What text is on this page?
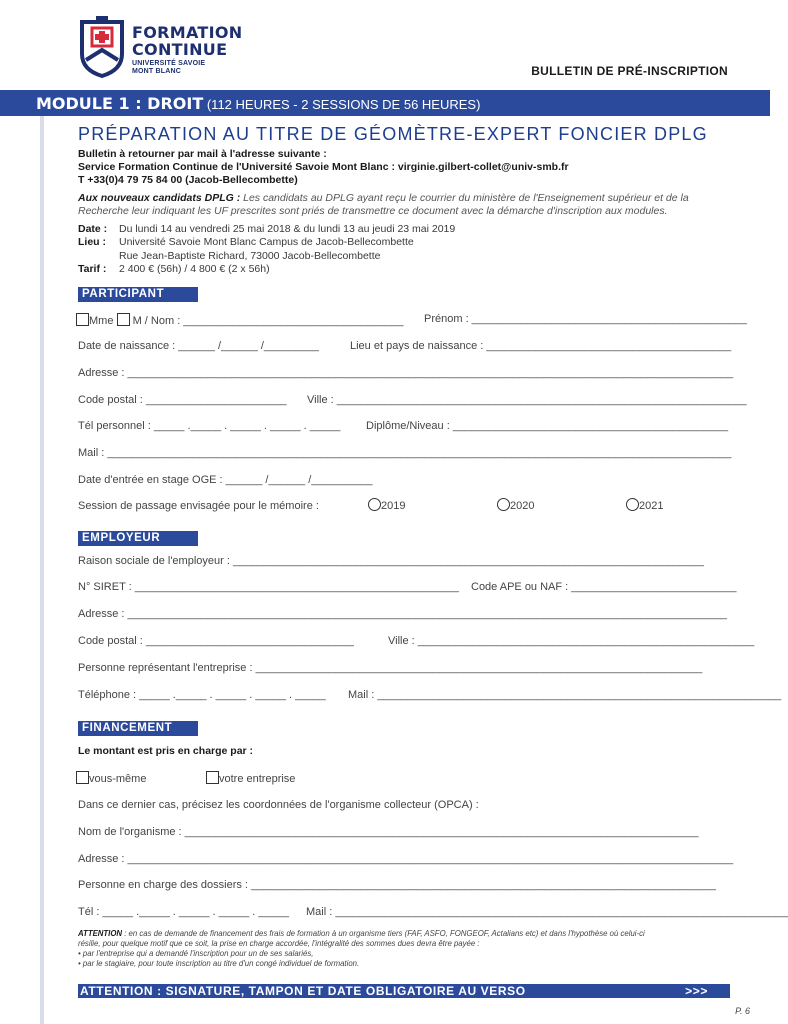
FORMATION
CONTINUE
UNIVERSITÉ SAVOIE
MONT BLANC	BULLETIN DE PRÉ-INSCRIPTION
MODULE 1 : DROIT (112 HEURES - 2 SESSIONS DE 56 HEURES)
PRÉPARATION AU TITRE DE GÉOMÈTRE-EXPERT FONCIER DPLG
Bulletin à retourner par mail à l'adresse suivante :
Service Formation Continue de l'Université Savoie Mont Blanc : virginie.gilbert-collet@univ-smb.fr
T +33(0)4 79 75 84 00 (Jacob-Bellecombette)
Aux nouveaux candidats DPLG : Les candidats au DPLG ayant reçu le courrier du ministère de l'Enseignement supérieur et de la
Recherche leur indiquant les UF prescrites sont priés de transmettre ce document avec la démarche d'inscription aux modules.
Date : Du lundi 14 au vendredi 25 mai 2018 & du lundi 13 au jeudi 23 mai 2019
Lieu : Université Savoie Mont Blanc Campus de Jacob-Bellecombette
Rue Jean-Baptiste Richard, 73000 Jacob-Bellecombette
Tarif : 2 400 € (56h) / 4 800 € (2 x 56h)
PARTICIPANT
Mme M / Nom : ____________________________________ Prénom : _____________________________________________
Date de naissance : ______ /______ /_________	Lieu et pays de naissance : ________________________________________
Adresse : ___________________________________________________________________________________________________
Code postal : _______________________ Ville : ___________________________________________________________________
Tél personnel : _____ ._____ . _____ . _____ . _____ Diplôme/Niveau : _____________________________________________
Mail : ______________________________________________________________________________________________________
Date d'entrée en stage OGE : ______ /______ /__________
Session de passage envisagée pour le mémoire :	2019	2020	2021
EMPLOYEUR
Raison sociale de l'employeur : _____________________________________________________________________________
N° SIRET : _____________________________________________________ Code APE ou NAF : ___________________________
Adresse : __________________________________________________________________________________________________
Code postal : __________________________________	Ville : _______________________________________________________
Personne représentant l'entreprise : _________________________________________________________________________
Téléphone : _____ ._____ . _____ . _____ . _____ Mail : __________________________________________________________________
FINANCEMENT
Le montant est pris en charge par :
vous-même	votre entreprise
Dans ce dernier cas, précisez les coordonnées de l'organisme collecteur (OPCA) :
Nom de l'organisme : ____________________________________________________________________________________
Adresse : ___________________________________________________________________________________________________
Personne en charge des dossiers : ____________________________________________________________________________
Tél : _____ ._____ . _____ . _____ . _____ Mail : __________________________________________________________________________
ATTENTION : en cas de demande de financement des frais de formation à un organisme tiers (FAF, ASFO, FONGEOF, Actalians etc) et dans l'hypothèse où celui-ci
résilie, pour quelque motif que ce soit, la prise en charge accordée, l'intégralité des sommes dues devra être payée :
• par l'entreprise qui a demandé l'inscription pour un de ses salariés,
• par le stagiaire, pour toute inscription au titre d'un congé individuel de formation.
ATTENTION : SIGNATURE, TAMPON ET DATE OBLIGATOIRE AU VERSO	>>>
P. 6
